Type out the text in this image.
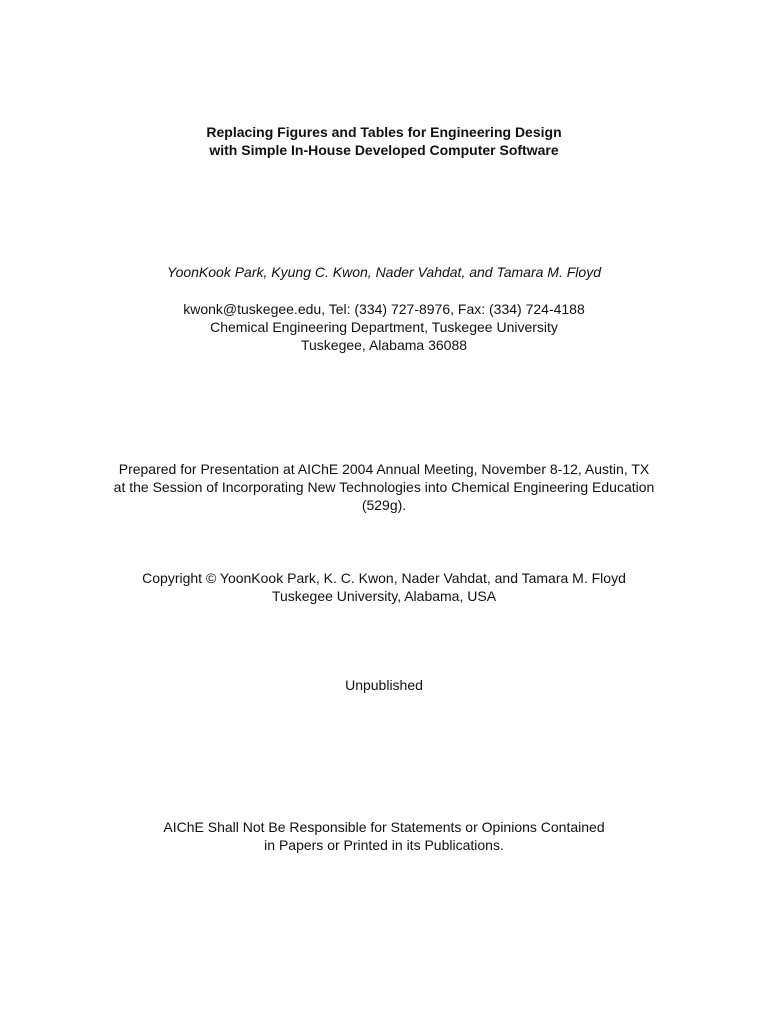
Replacing Figures and Tables for Engineering Design
with Simple In-House Developed Computer Software
YoonKook Park, Kyung C. Kwon, Nader Vahdat, and Tamara M. Floyd
kwonk@tuskegee.edu, Tel: (334) 727-8976, Fax: (334) 724-4188
Chemical Engineering Department, Tuskegee University
Tuskegee, Alabama 36088
Prepared for Presentation at AIChE 2004 Annual Meeting, November 8-12, Austin, TX
at the Session of Incorporating New Technologies into Chemical Engineering Education
(529g).
Copyright © YoonKook Park, K. C. Kwon, Nader Vahdat, and Tamara M. Floyd
Tuskegee University, Alabama, USA
Unpublished
AIChE Shall Not Be Responsible for Statements or Opinions Contained
in Papers or Printed in its Publications.
